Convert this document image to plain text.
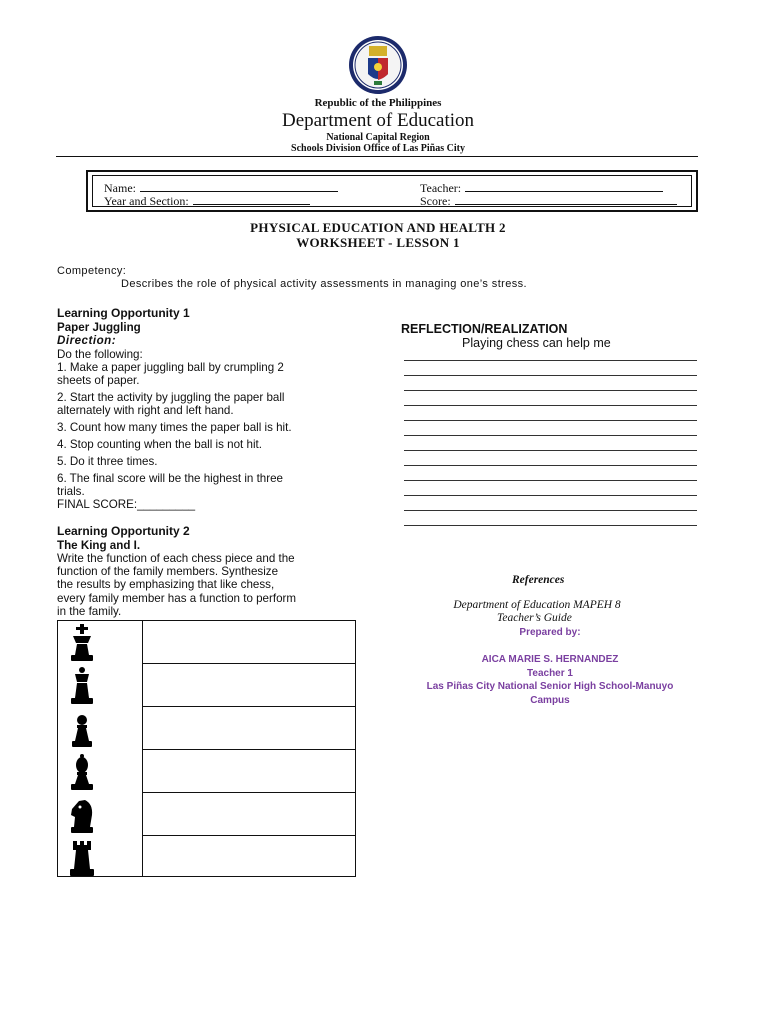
Republic of the Philippines
Department of Education
National Capital Region
Schools Division Office of Las Piñas City
Name:
Year and Section:
Teacher:
Score:
PHYSICAL EDUCATION AND HEALTH 2
WORKSHEET - LESSON 1
Competency:
Describes the role of physical activity assessments in managing one’s stress.
Learning Opportunity 1
Paper Juggling
Direction:
Do the following:
1. Make a paper juggling ball by crumpling 2
sheets of paper.
2. Start the activity by juggling the paper ball
alternately with right and left hand.
3. Count how many times the paper ball is hit.
4. Stop counting when the ball is not hit.
5. Do it three times.
6. The final score will be the highest in three
trials.
FINAL SCORE:_________
Learning Opportunity 2
The King and I.
Write the function of each chess piece and the
function of the family members. Synthesize
the results by emphasizing that like chess,
every family member has a function to perform
in the family.
REFLECTION/REALIZATION
Playing chess can help me
References
Department of Education MAPEH 8
Teacher’s Guide
Prepared by:
AICA MARIE S. HERNANDEZ
Teacher 1
Las Piñas City National Senior High School-Manuyo
Campus
